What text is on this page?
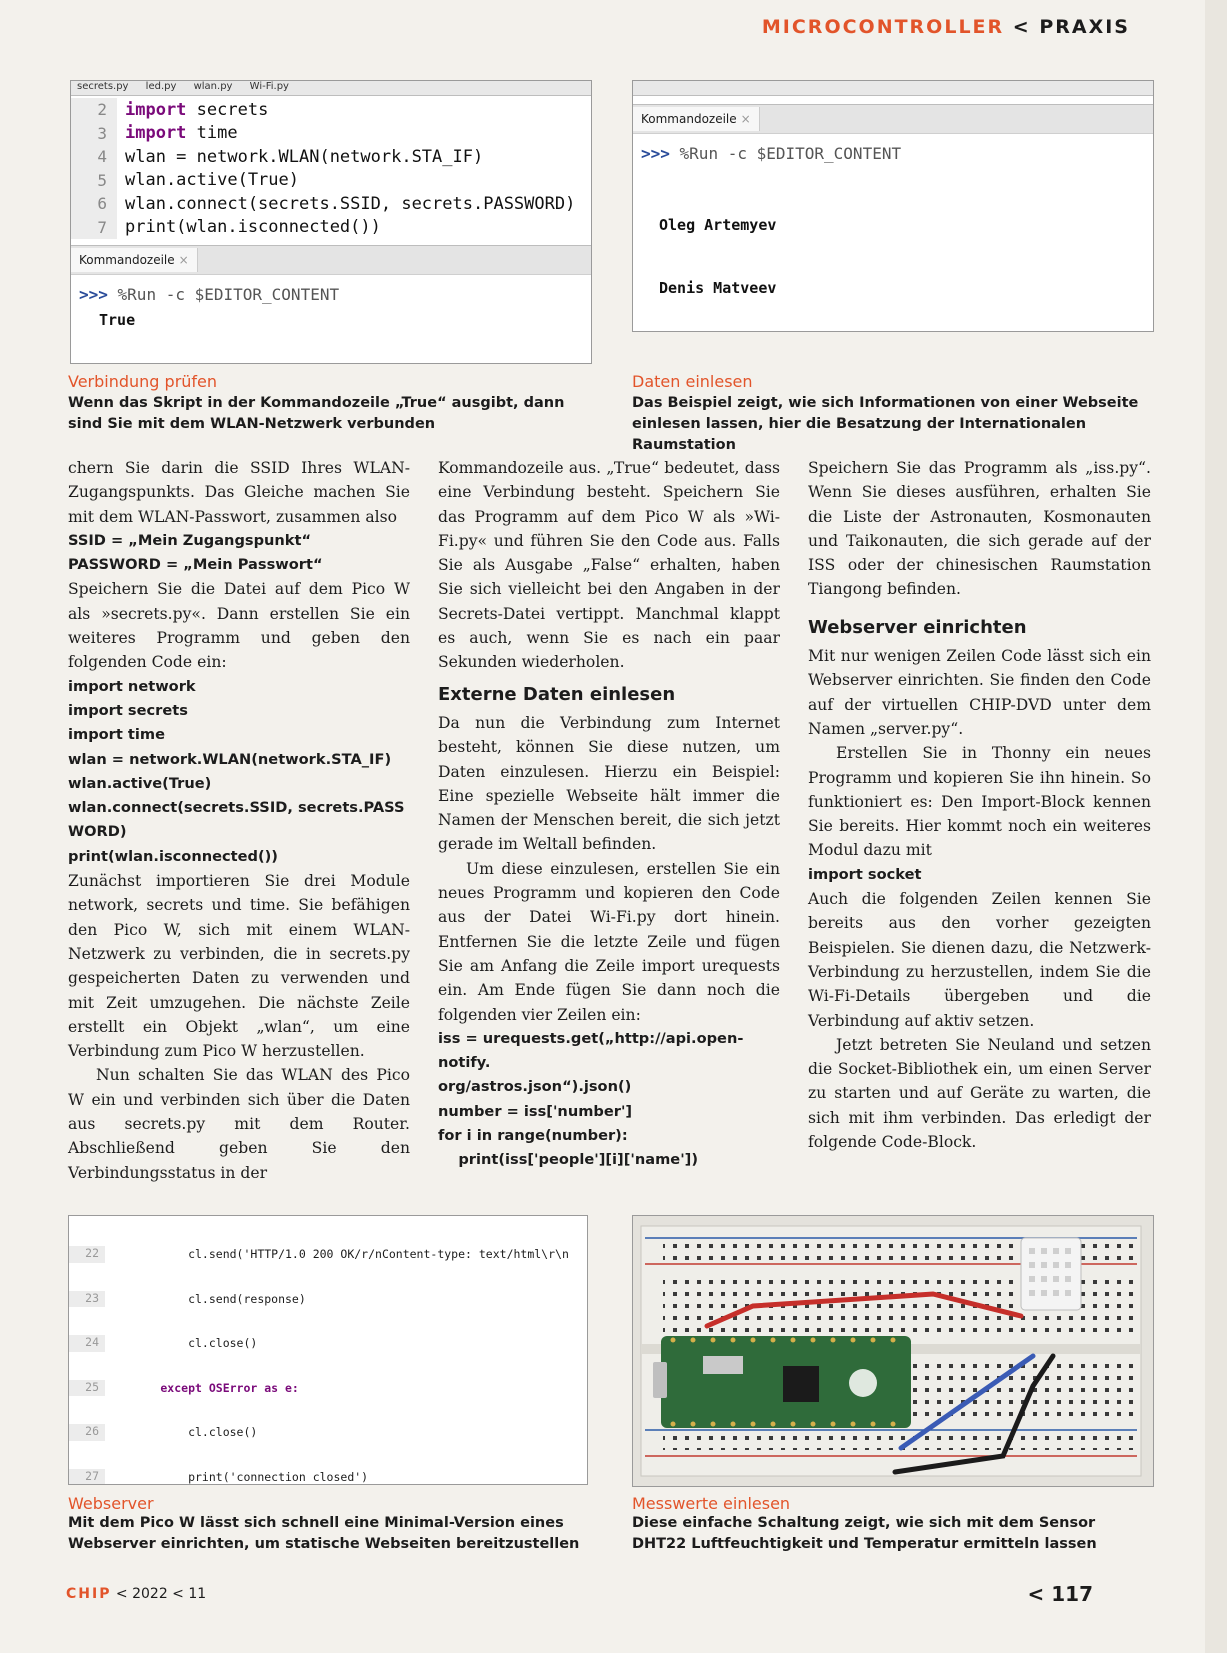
MICROCONTROLLER < PRAXIS
secrets.py led.py wlan.py Wi-Fi.py
2	import secrets
3	import time
4	wlan = network.WLAN(network.STA_IF)
5	wlan.active(True)
6	wlan.connect(secrets.SSID, secrets.PASSWORD)
7	print(wlan.isconnected())
Kommandozeile ×
>>> %Run -c $EDITOR_CONTENT
True
Kommandozeile ×
>>> %Run -c $EDITOR_CONTENT

Oleg Artemyev

Denis Matveev

Verbindung prüfen
Wenn das Skript in der Kommandozeile „True“ ausgibt, dann sind Sie mit dem WLAN-Netzwerk verbunden
Daten einlesen
Das Beispiel zeigt, wie sich Informationen von einer Webseite einlesen lassen, hier die Besatzung der Internationalen Raumstation

chern Sie darin die SSID Ihres WLAN-Zugangspunkts. Das Gleiche machen Sie mit dem WLAN-Passwort, zusammen also

SSID = „Mein Zugangspunkt“

PASSWORD = „Mein Passwort“

Speichern Sie die Datei auf dem Pico W als »secrets.py«. Dann erstellen Sie ein weiteres Programm und geben den folgenden Code ein:

import network

import secrets

import time

wlan = network.WLAN(network.STA_IF)

wlan.active(True)

wlan.connect(secrets.SSID, secrets.PASS

WORD)

print(wlan.isconnected())

Zunächst importieren Sie drei Module network, secrets und time. Sie befähigen den Pico W, sich mit einem WLAN-Netzwerk zu verbinden, die in secrets.py gespeicherten Daten zu verwenden und mit Zeit umzugehen. Die nächste Zeile erstellt ein Objekt „wlan“, um eine Verbindung zum Pico W herzustellen.

Nun schalten Sie das WLAN des Pico W ein und verbinden sich über die Daten aus secrets.py mit dem Router. Abschließend geben Sie den Verbindungsstatus in der

Kommandozeile aus. „True“ bedeutet, dass eine Verbindung besteht. Speichern Sie das Programm auf dem Pico W als »Wi-Fi.py« und führen Sie den Code aus. Falls Sie als Ausgabe „False“ erhalten, haben Sie sich vielleicht bei den Angaben in der Secrets-Datei vertippt. Manchmal klappt es auch, wenn Sie es nach ein paar Sekunden wiederholen.

Externe Daten einlesen

Da nun die Verbindung zum Internet besteht, können Sie diese nutzen, um Daten einzulesen. Hierzu ein Beispiel: Eine spezielle Webseite hält immer die Namen der Menschen bereit, die sich jetzt gerade im Weltall befinden.

Um diese einzulesen, erstellen Sie ein neues Programm und kopieren den Code aus der Datei Wi-Fi.py dort hinein. Entfernen Sie die letzte Zeile und fügen Sie am Anfang die Zeile import urequests ein. Am Ende fügen Sie dann noch die folgenden vier Zeilen ein:

iss = urequests.get(„http://api.open-notify.

org/astros.json“).json()

number = iss['number']

for i in range(number):

print(iss['people'][i]['name'])

Speichern Sie das Programm als „iss.py“. Wenn Sie dieses ausführen, erhalten Sie die Liste der Astronauten, Kosmonauten und Taikonauten, die sich gerade auf der ISS oder der chinesischen Raumstation Tiangong befinden.

Webserver einrichten

Mit nur wenigen Zeilen Code lässt sich ein Webserver einrichten. Sie finden den Code auf der virtuellen CHIP-DVD unter dem Namen „server.py“.

Erstellen Sie in Thonny ein neues Programm und kopieren Sie ihn hinein. So funktioniert es: Den Import-Block kennen Sie bereits. Hier kommt noch ein weiteres Modul dazu mit

import socket

Auch die folgenden Zeilen kennen Sie bereits aus den vorher gezeigten Beispielen. Sie dienen dazu, die Netzwerk-Verbindung zu herzustellen, indem Sie die Wi-Fi-Details übergeben und die Verbindung auf aktiv setzen.

Jetzt betreten Sie Neuland und setzen die Socket-Bibliothek ein, um einen Server zu starten und auf Geräte zu warten, die sich mit ihm verbinden. Das erledigt der folgende Code-Block.

22 cl.send('HTTP/1.0 200 OK/r/nContent-type: text/html\r\n

23 cl.send(response)

24 cl.close()

25 except OSError as e:

26 cl.close()

27 print('connection closed')

Webserver
Mit dem Pico W lässt sich schnell eine Minimal-Version eines Webserver einrichten, um statische Webseiten bereitzustellen
Messwerte einlesen
Diese einfache Schaltung zeigt, wie sich mit dem Sensor DHT22 Luftfeuchtigkeit und Temperatur ermitteln lassen
CHIP < 2022 < 11	< 117
